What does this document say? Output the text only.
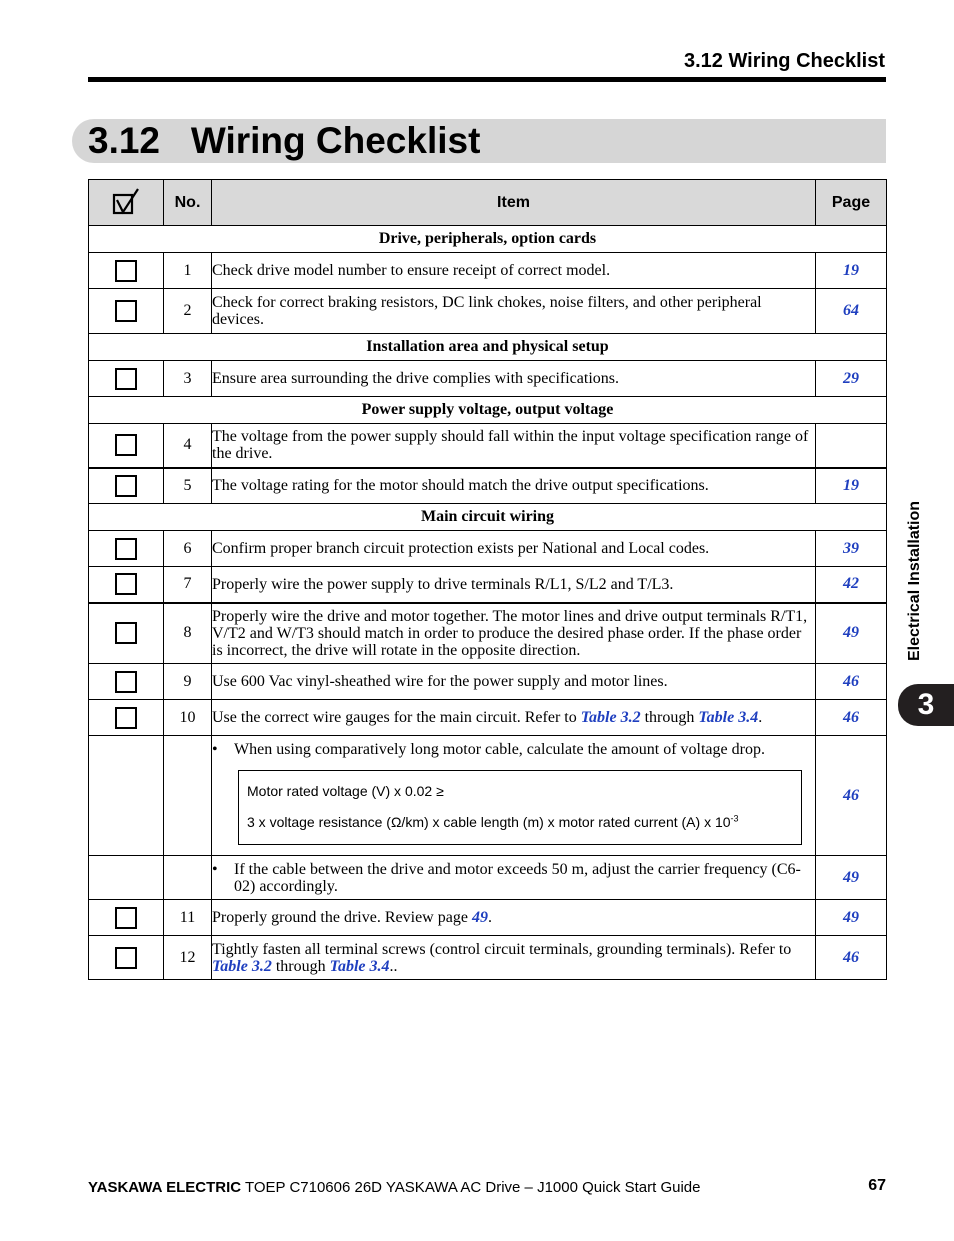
3.12 Wiring Checklist
3.12   Wiring Checklist
Electrical Installation
3
	No.	Item	Page
Drive, peripherals, option cards			
	1	Check drive model number to ensure receipt of correct model.	19
	2	Check for correct braking resistors, DC link chokes, noise filters, and other peripheral devices.	64
Installation area and physical setup			
	3	Ensure area surrounding the drive complies with specifications.	29
Power supply voltage, output voltage			
	4	The voltage from the power supply should fall within the input voltage specification range of the drive.	
	5	The voltage rating for the motor should match the drive output specifications.	19
Main circuit wiring			
	6	Confirm proper branch circuit protection exists per National and Local codes.	39
	7	Properly wire the power supply to drive terminals R/L1, S/L2 and T/L3.	42
	8	Properly wire the drive and motor together. The motor lines and drive output terminals R/T1, V/T2 and W/T3 should match in order to produce the desired phase order. If the phase order is incorrect, the drive will rotate in the opposite direction.	49
	9	Use 600 Vac vinyl-sheathed wire for the power supply and motor lines.	46
	10	Use the correct wire gauges for the main circuit. Refer to Table 3.2 through Table 3.4.	46

		• When using comparatively long motor cable, calculate the amount of voltage drop.
Motor rated voltage (V) x 0.02 ≥
3 x voltage resistance (Ω/km) x cable length (m) x motor rated current (A) x $10^{-3}$	46

		• If the cable between the drive and motor exceeds 50 m, adjust the carrier frequency (C6-02) accordingly.	49
	11	Properly ground the drive. Review page 49.	49
	12	Tightly fasten all terminal screws (control circuit terminals, grounding terminals). Refer to Table 3.2 through Table 3.4..	46
YASKAWA ELECTRIC TOEP C710606 26D YASKAWA AC Drive – J1000 Quick Start Guide	67
